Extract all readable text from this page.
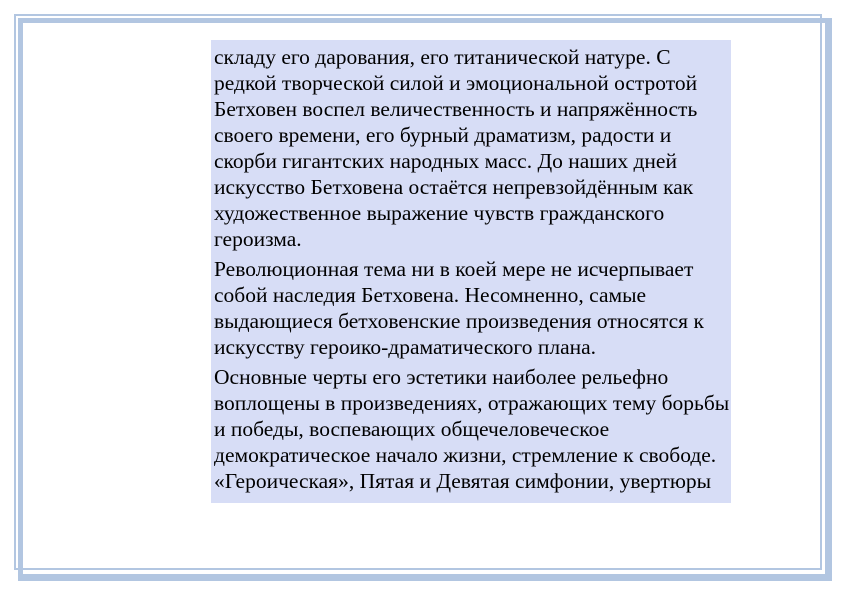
складу его дарования, его титанической натуре. С
редкой творческой силой и эмоциональной остротой
Бетховен воспел величественность и напряжённость
своего времени, его бурный драматизм, радости и
скорби гигантских народных масс. До наших дней
искусство Бетховена остаётся непревзойдённым как
художественное выражение чувств гражданского
героизма.
Революционная тема ни в коей мере не исчерпывает
собой наследия Бетховена. Несомненно, самые
выдающиеся бетховенские произведения относятся к
искусству героико-драматического плана.
Основные черты его эстетики наиболее рельефно
воплощены в произведениях, отражающих тему борьбы
и победы, воспевающих общечеловеческое
демократическое начало жизни, стремление к свободе.
«Героическая», Пятая и Девятая симфонии, увертюры
